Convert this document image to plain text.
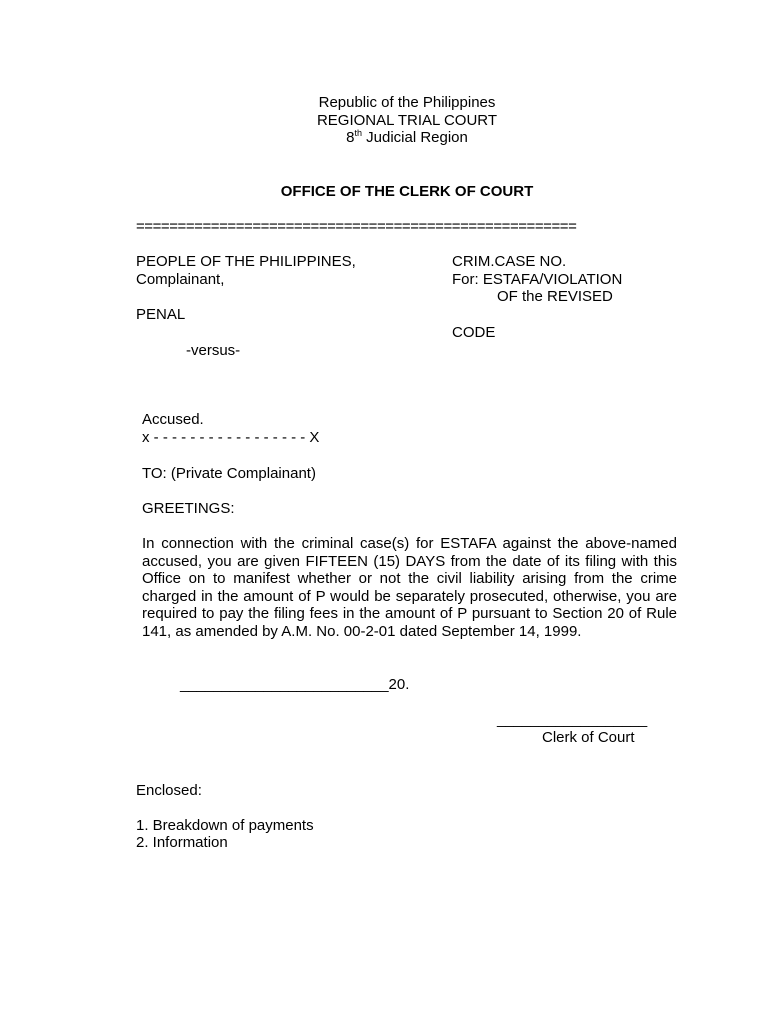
Republic of the Philippines
REGIONAL TRIAL COURT
8th Judicial Region
OFFICE OF THE CLERK OF COURT
=====================================================
PEOPLE OF THE PHILIPPINES,
Complainant,
PENAL
-versus-
CRIM.CASE NO.
For: ESTAFA/VIOLATION
OF the REVISED
CODE
Accused.
x - - - - - - - - - - - - - - - - - X
TO: (Private Complainant)
GREETINGS:
In connection with the criminal case(s) for ESTAFA against the above-named accused, you are given FIFTEEN (15) DAYS from the date of its filing with this Office on to manifest whether or not the civil liability arising from the crime charged in the amount of P would be separately prosecuted, otherwise, you are required to pay the filing fees in the amount of P pursuant to Section 20 of Rule 141, as amended by A.M. No. 00-2-01 dated September 14, 1999.
_________________________20.
__________________
Clerk of Court
Enclosed:
1. Breakdown of payments
2. Information
